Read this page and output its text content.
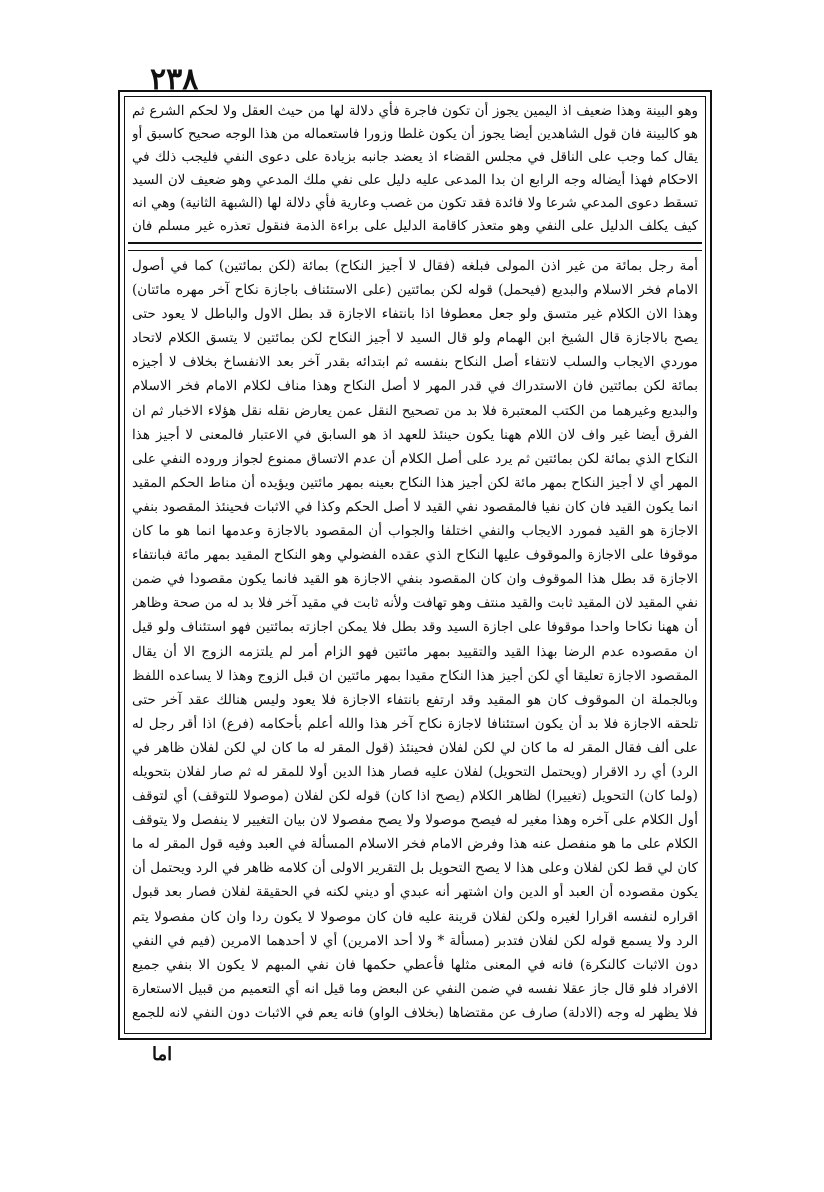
٢٣٨

وهو البينة وهذا ضعيف اذ اليمين يجوز أن تكون فاجرة فأي دلالة لها من حيث العقل ولا لحكم الشرع ثم هو كالبينة فان قول الشاهدين أيضا يجوز أن يكون غلطا وزورا فاستعماله من هذا الوجه صحيح كاسبق أو يقال كما وجب على الناقل في مجلس القضاء اذ يعضد جانبه بزيادة على دعوى النفي فليجب ذلك في الاحكام فهذا أيضاله وجه الرابع ان بدا المدعى عليه دليل على نفي ملك المدعي وهو ضعيف لان السيد تسقط دعوى المدعي شرعا ولا فائدة فقد تكون من غصب وعارية فأي دلالة لها (الشبهة الثانية) وهي انه كيف يكلف الدليل على النفي وهو متعذر كاقامة الدليل على براءة الذمة فنقول تعذره غير مسلم فان

أمة رجل بمائة من غير اذن المولى فبلغه (فقال لا أجيز النكاح) بمائة (لكن بمائتين) كما في أصول الامام فخر الاسلام والبديع (فيحمل) قوله لكن بمائتين (على الاستئناف باجازة نكاح آخر مهره مائتان) وهذا الان الكلام غير متسق ولو جعل معطوفا اذا بانتفاء الاجازة قد بطل الاول والباطل لا يعود حتى يصح بالاجازة قال الشيخ ابن الهمام ولو قال السيد لا أجيز النكاح لكن بمائتين لا يتسق الكلام لاتحاد موردي الايجاب والسلب لانتفاء أصل النكاح بنفسه ثم ابتدائه بقدر آخر بعد الانفساخ بخلاف لا أجيزه بمائة لكن بمائتين فان الاستدراك في قدر المهر لا أصل النكاح وهذا مناف لكلام الامام فخر الاسلام والبديع وغيرهما من الكتب المعتبرة فلا بد من تصحيح النقل عمن يعارض نقله نقل هؤلاء الاخبار ثم ان الفرق أيضا غير واف لان اللام ههنا يكون حينئذ للعهد اذ هو السابق في الاعتبار فالمعنى لا أجيز هذا النكاح الذي بمائة لكن بمائتين ثم يرد على أصل الكلام أن عدم الاتساق ممنوع لجواز وروده النفي على المهر أي لا أجيز النكاح بمهر مائة لكن أجيز هذا النكاح بعينه بمهر مائتين ويؤيده أن مناط الحكم المقيد انما يكون القيد فان كان نفيا فالمقصود نفي القيد لا أصل الحكم وكذا في الاثبات فحينئذ المقصود بنفي الاجازة هو القيد فمورد الايجاب والنفي اختلفا والجواب أن المقصود بالاجازة وعدمها انما هو ما كان موقوفا على الاجازة والموقوف عليها النكاح الذي عقده الفضولي وهو النكاح المقيد بمهر مائة فبانتفاء الاجازة قد بطل هذا الموقوف وان كان المقصود بنفي الاجازة هو القيد فانما يكون مقصودا في ضمن نفي المقيد لان المقيد ثابت والقيد منتف وهو تهافت ولأنه ثابت في مقيد آخر فلا بد له من صحة وظاهر أن ههنا نكاحا واحدا موقوفا على اجازة السيد وقد بطل فلا يمكن اجازته بمائتين فهو استئناف ولو قيل ان مقصوده عدم الرضا بهذا القيد والتقييد بمهر مائتين فهو الزام أمر لم يلتزمه الزوج الا أن يقال المقصود الاجازة تعليقا أي لكن أجيز هذا النكاح مقيدا بمهر مائتين ان قبل الزوج وهذا لا يساعده اللفظ وبالجملة ان الموقوف كان هو المقيد وقد ارتفع بانتفاء الاجازة فلا يعود وليس هنالك عقد آخر حتى تلحقه الاجازة فلا بد أن يكون استئنافا لاجازة نكاح آخر هذا والله أعلم بأحكامه (فرع) اذا أقر رجل له على ألف فقال المقر له ما كان لي لكن لفلان فحينئذ (قول المقر له ما كان لي لكن لفلان ظاهر في الرد) أي رد الاقرار (ويحتمل التحويل) لفلان عليه فصار هذا الدين أولا للمقر له ثم صار لفلان بتحويله (ولما كان) التحويل (تغييرا) لظاهر الكلام (يصح اذا كان) قوله لكن لفلان (موصولا للتوقف) أي لتوقف أول الكلام على آخره وهذا مغير له فيصح موصولا ولا يصح مفصولا لان بيان التغيير لا ينفصل ولا يتوقف الكلام على ما هو منفصل عنه هذا وفرض الامام فخر الاسلام المسألة في العبد وفيه قول المقر له ما كان لي قط لكن لفلان وعلى هذا لا يصح التحويل بل التقرير الاولى أن كلامه ظاهر في الرد ويحتمل أن يكون مقصوده أن العبد أو الدين وان اشتهر أنه عبدي أو ديني لكنه في الحقيقة لفلان فصار بعد قبول اقراره لنفسه اقرارا لغيره ولكن لفلان قرينة عليه فان كان موصولا لا يكون ردا وان كان مفصولا يتم الرد ولا يسمع قوله لكن لفلان فتدبر (مسألة * ولا أحد الامرين) أي لا أحدهما الامرين (فيم في النفي دون الاثبات كالنكرة) فانه في المعنى مثلها فأعطي حكمها فان نفي المبهم لا يكون الا بنفي جميع الافراد فلو قال جاز عقلا نفسه في ضمن النفي عن البعض وما قيل انه أي التعميم من قبيل الاستعارة فلا يظهر له وجه (الادلة) صارف عن مقتضاها (بخلاف الواو) فانه يعم في الاثبات دون النفي لانه للجمع

اما
